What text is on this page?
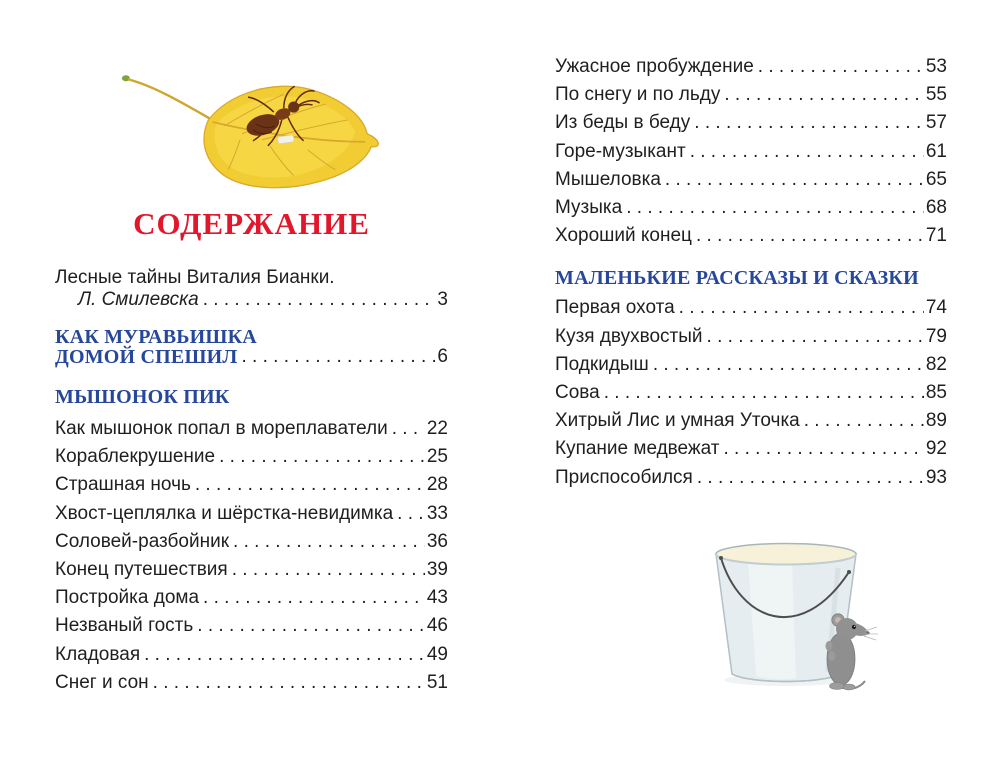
СОДЕРЖАНИЕ
Лесные тайны Виталия Бианки.
Л. Смилевска . . .	3
КАК МУРАВЬИШКА
ДОМОЙ СПЕШИЛ . . .	6
МЫШОНОК ПИК
Как мышонок попал в мореплаватели . . . 22
Кораблекрушение . . .	25
Страшная ночь . . .	28
Хвост-цеплялка и шёрстка-невидимка . . . 33
Соловей-разбойник . . .	36
Конец путешествия . . .	39
Постройка дома . . .	43
Незваный гость . . .	46
Кладовая . . .	49
Снег и сон . . .	51
Ужасное пробуждение . . .	53
По снегу и по льду . . .	55
Из беды в беду . . .	57
Горе-музыкант . . .	61
Мышеловка . . .	65
Музыка . . .	68
Хороший конец . . .	71
МАЛЕНЬКИЕ РАССКАЗЫ И СКАЗКИ
Первая охота . . .	74
Кузя двухвостый . . .	79
Подкидыш . . .	82
Сова . . .	85
Хитрый Лис и умная Уточка . . .	89
Купание медвежат . . .	92
Приспособился . . .	93
